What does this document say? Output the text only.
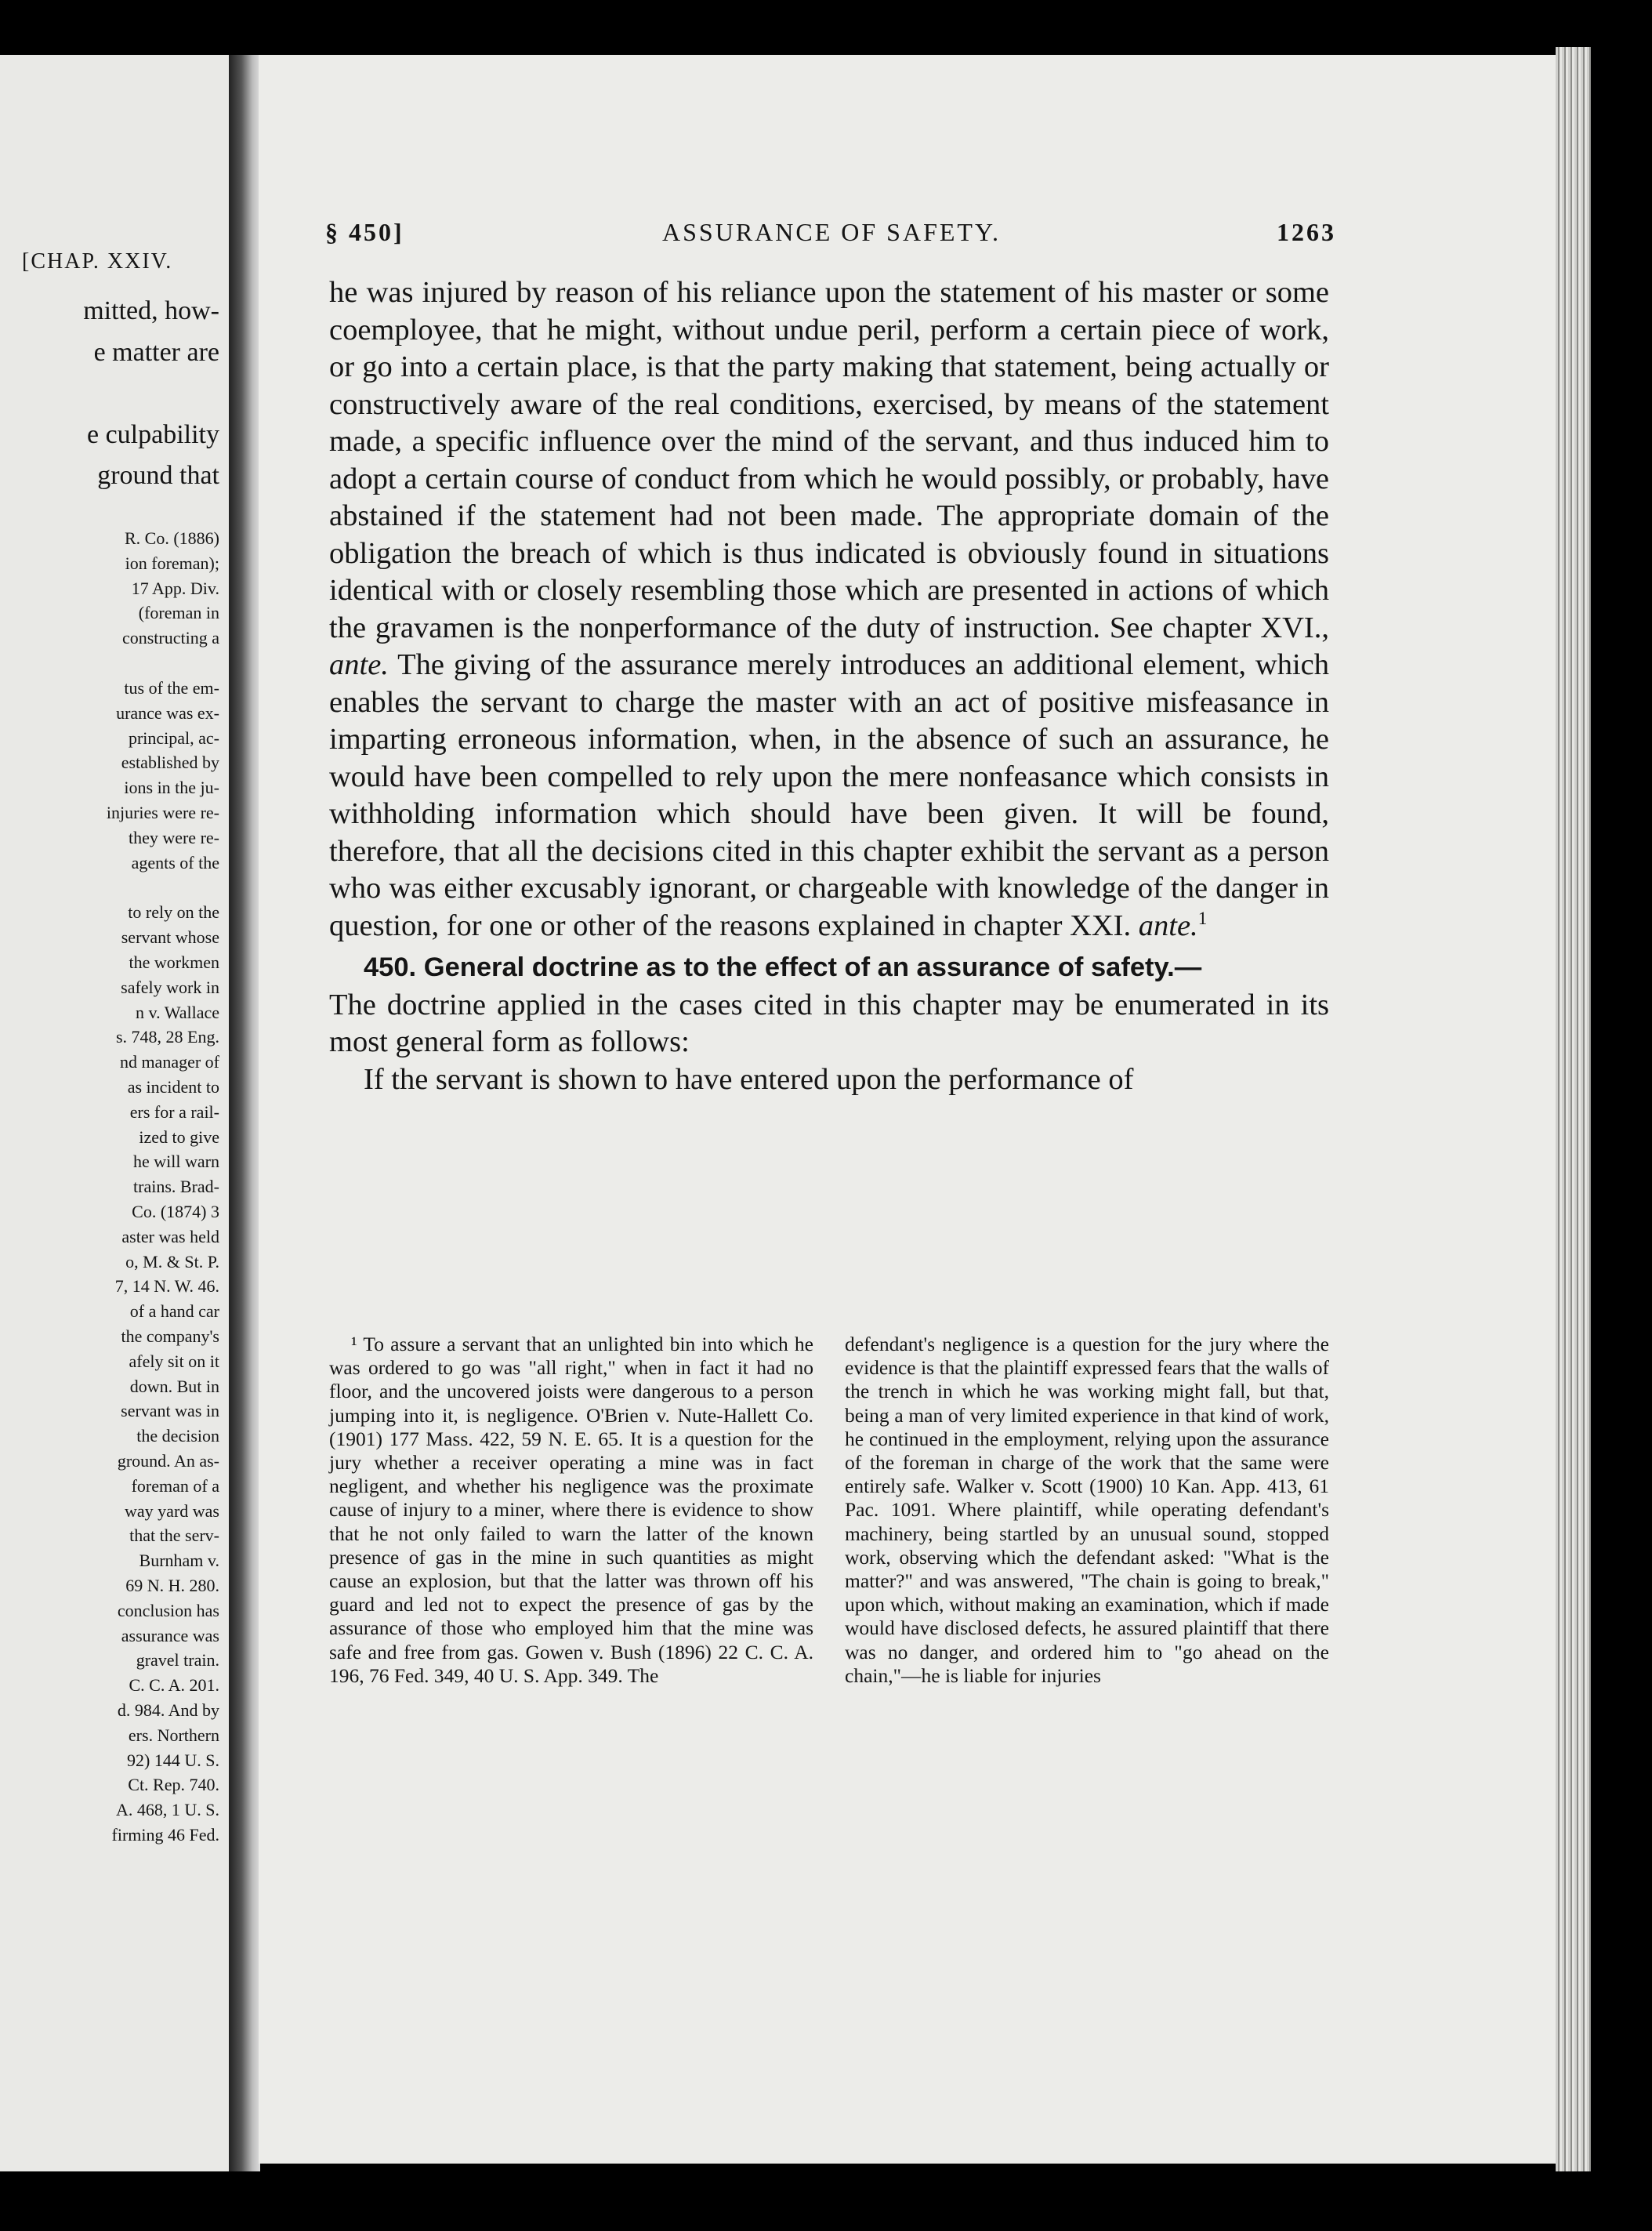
[CHAP. XXIV.
mitted, how-
e matter are
e culpability
ground that
R. Co. (1886)
ion foreman);
17 App. Div.
(foreman in
constructing a
tus of the em-
urance was ex-
principal, ac-
established by
ions in the ju-
injuries were re-
they were re-
agents of the
to rely on the
servant whose
the workmen
safely work in
n v. Wallace
s. 748, 28 Eng.
nd manager of
as incident to
ers for a rail-
ized to give
he will warn
trains. Brad-
Co. (1874) 3
aster was held
o, M. & St. P.
7, 14 N. W. 46.
of a hand car
the company's
afely sit on it
down. But in
servant was in
the decision
ground. An as-
foreman of a
way yard was
that the serv-
Burnham v.
69 N. H. 280.
conclusion has
assurance was
gravel train.
C. C. A. 201.
d. 984. And by
ers. Northern
92) 144 U. S.
Ct. Rep. 740.
A. 468, 1 U. S.
firming 46 Fed.
§ 450]	ASSURANCE OF SAFETY.	1263

he was injured by reason of his reliance upon the statement of his master or some coemployee, that he might, without undue peril, perform a certain piece of work, or go into a certain place, is that the party making that statement, being actually or constructively aware of the real conditions, exercised, by means of the statement made, a specific influence over the mind of the servant, and thus induced him to adopt a certain course of conduct from which he would possibly, or probably, have abstained if the statement had not been made. The appropriate domain of the obligation the breach of which is thus indicated is obviously found in situations identical with or closely resembling those which are presented in actions of which the gravamen is the nonperformance of the duty of instruction. See chapter XVI., ante. The giving of the assurance merely introduces an additional element, which enables the servant to charge the master with an act of positive misfeasance in imparting erroneous information, when, in the absence of such an assurance, he would have been compelled to rely upon the mere nonfeasance which consists in withholding information which should have been given. It will be found, therefore, that all the decisions cited in this chapter exhibit the servant as a person who was either excusably ignorant, or chargeable with knowledge of the danger in question, for one or other of the reasons explained in chapter XXI. ante.$^1$

450. General doctrine as to the effect of an assurance of safety.—

The doctrine applied in the cases cited in this chapter may be enumerated in its most general form as follows:

If the servant is shown to have entered upon the performance of

¹ To assure a servant that an unlighted bin into which he was ordered to go was "all right," when in fact it had no floor, and the uncovered joists were dangerous to a person jumping into it, is negligence. O'Brien v. Nute-Hallett Co. (1901) 177 Mass. 422, 59 N. E. 65. It is a question for the jury whether a receiver operating a mine was in fact negligent, and whether his negligence was the proximate cause of injury to a miner, where there is evidence to show that he not only failed to warn the latter of the known presence of gas in the mine in such quantities as might cause an explosion, but that the latter was thrown off his guard and led not to expect the presence of gas by the assurance of those who employed him that the mine was safe and free from gas. Gowen v. Bush (1896) 22 C. C. A. 196, 76 Fed. 349, 40 U. S. App. 349. The

defendant's negligence is a question for the jury where the evidence is that the plaintiff expressed fears that the walls of the trench in which he was working might fall, but that, being a man of very limited experience in that kind of work, he continued in the employment, relying upon the assurance of the foreman in charge of the work that the same were entirely safe. Walker v. Scott (1900) 10 Kan. App. 413, 61 Pac. 1091. Where plaintiff, while operating defendant's machinery, being startled by an unusual sound, stopped work, observing which the defendant asked: "What is the matter?" and was answered, "The chain is going to break," upon which, without making an examination, which if made would have disclosed defects, he assured plaintiff that there was no danger, and ordered him to "go ahead on the chain,"—he is liable for injuries
